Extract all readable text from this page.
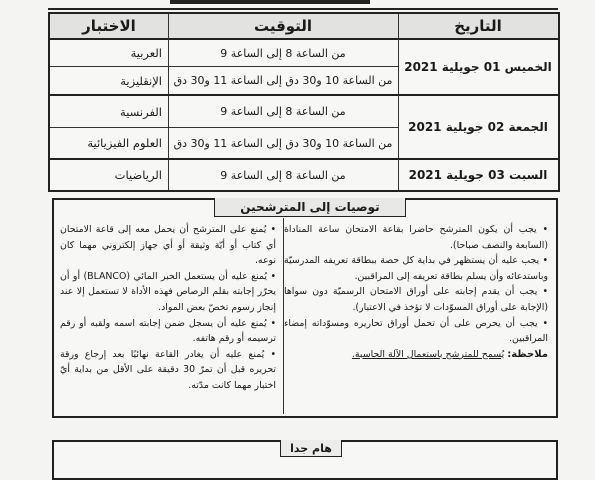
الاختبار	التوقيت	التاريخ
الخميس 01 جويلية 2021
من الساعة 8 إلى الساعة 9
العربية
من الساعة 10 و30 دق إلى الساعة 11 و30 دق
الإنقليزية
الجمعة 02 جويلية 2021
من الساعة 8 إلى الساعة 9
الفرنسية
من الساعة 10 و30 دق إلى الساعة 11 و30 دق
العلوم الفيزيائية
السبت 03 جويلية 2021
من الساعة 8 إلى الساعة 9
الرياضيات
توصيات إلى المترشحين

• يجب أن يكون المترشح حاضرا بقاعة الامتحان ساعة المناداة (السابعة والنصف صباحا).

• يجب عليه أن يستظهر في بداية كل حصة ببطاقة تعريفه المدرسيّة وباستدعائه وأن يسلم بطاقة تعريفه إلى المراقبين.

• يجب أن يقدم إجابته على أوراق الامتحان الرسميّة دون سواها (الإجابة على أوراق المسوّدات لا تؤخذ في الاعتبار).

• يجب أن يحرص على أن تحمل أوراق تحاريره ومسوّداته إمضاء المراقبين.

ملاحظة: يُسمح للمترشح باستعمال الآلة الحاسبة.

• يُمنع على المترشح أن يحمل معه إلى قاعة الامتحان أي كتاب أو أيّة وثيقة أو أي جهاز إلكتروني مهما كان نوعه.

• يُمنع عليه أن يستعمل الحبر المائي (BLANCO) أو أن يحرّر إجابته بقلم الرصاص فهذه الأداة لا تستعمل إلا عند إنجاز رسوم تخصّ بعض المواد.

• يُمنع عليه أن يسجل ضمن إجابته اسمه ولقبه أو رقم ترسيمه أو رقم هاتفه.

• يُمنع عليه أن يغادر القاعة نهائيًا بعد إرجاع ورقة تحريره قبل أن تمرّ 30 دقيقة على الأقل من بداية أيّ اختبار مهما كانت مدّته.

هام جدا
